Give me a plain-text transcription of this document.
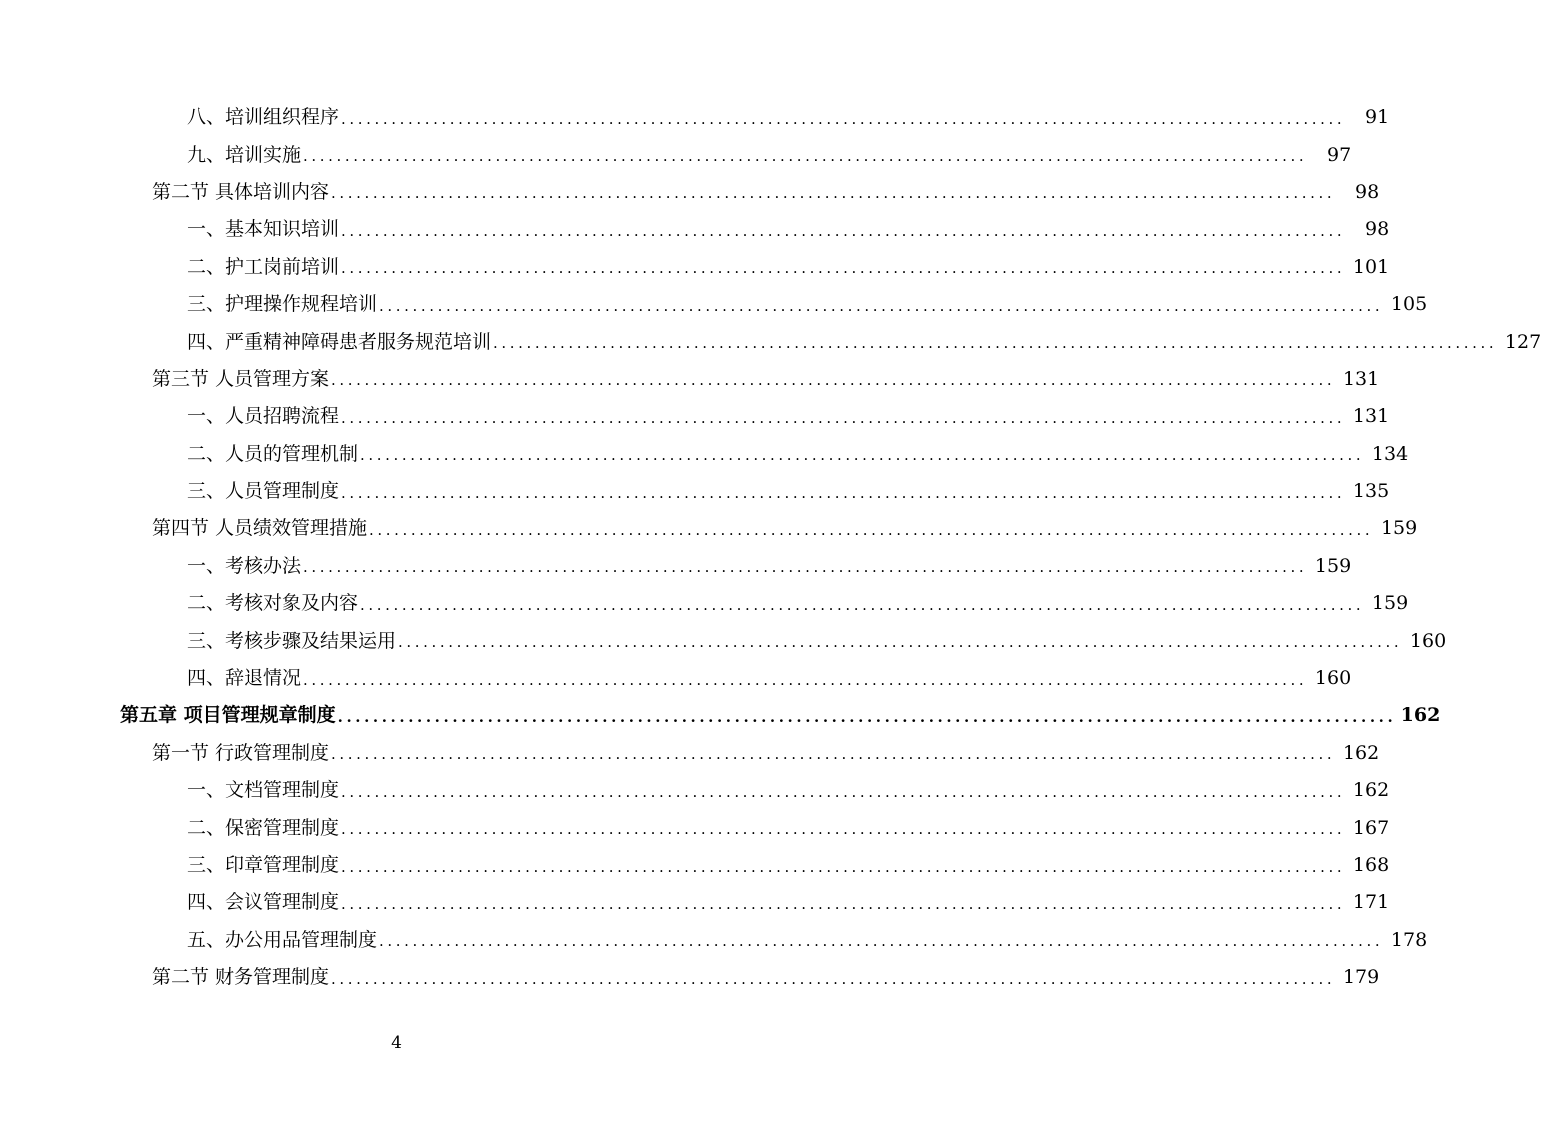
八、培训组织程序 ........................................................................................................................	91
九、培训实施 ........................................................................................................................	97
第二节 具体培训内容 ........................................................................................................................	98
一、基本知识培训 ........................................................................................................................	98
二、护工岗前培训 ........................................................................................................................ 101
三、护理操作规程培训 ........................................................................................................................ 105
四、严重精神障碍患者服务规范培训 ........................................................................................................................ 127
第三节 人员管理方案 ........................................................................................................................ 131
一、人员招聘流程 ........................................................................................................................ 131
二、人员的管理机制 ........................................................................................................................ 134
三、人员管理制度 ........................................................................................................................ 135
第四节 人员绩效管理措施 ........................................................................................................................ 159
一、考核办法 ........................................................................................................................ 159
二、考核对象及内容 ........................................................................................................................ 159
三、考核步骤及结果运用 ........................................................................................................................ 160
四、辞退情况 ........................................................................................................................ 160
第五章 项目管理规章制度 ........................................................................................................................ 162
第一节 行政管理制度 ........................................................................................................................ 162
一、文档管理制度 ........................................................................................................................ 162
二、保密管理制度 ........................................................................................................................ 167
三、印章管理制度 ........................................................................................................................ 168
四、会议管理制度 ........................................................................................................................ 171
五、办公用品管理制度 ........................................................................................................................ 178
第二节 财务管理制度 ........................................................................................................................ 179
4
